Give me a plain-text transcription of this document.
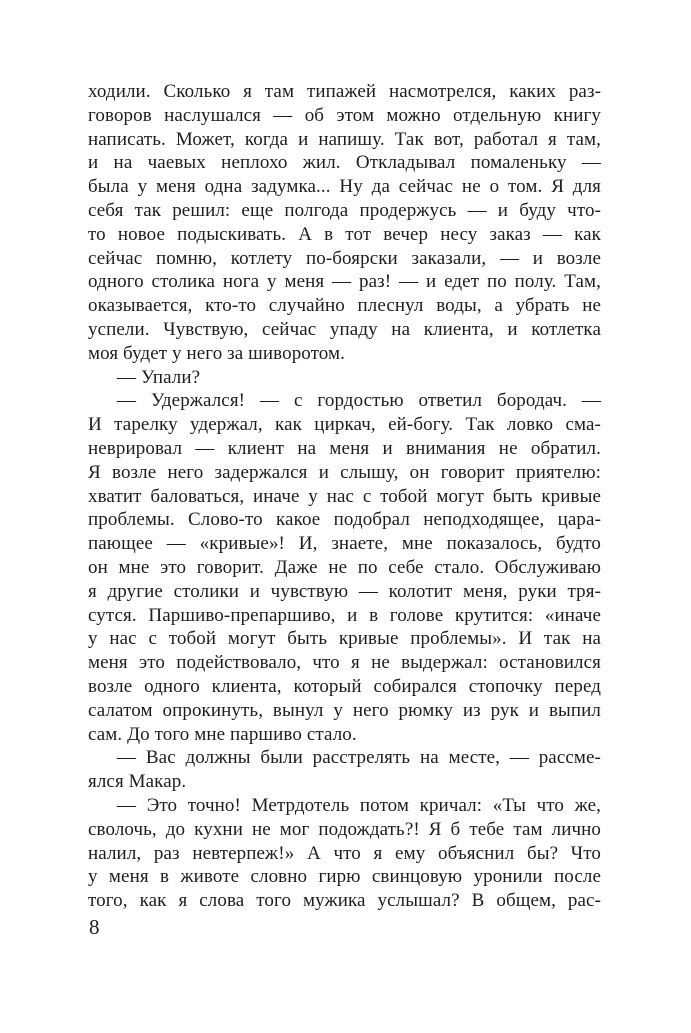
ходили. Сколько я там типажей насмотрелся, каких раз-
говоров наслушался — об этом можно отдельную книгу
написать. Может, когда и напишу. Так вот, работал я там,
и на чаевых неплохо жил. Откладывал помаленьку —
была у меня одна задумка... Ну да сейчас не о том. Я для
себя так решил: еще полгода продержусь — и буду что-
то новое подыскивать. А в тот вечер несу заказ — как
сейчас помню, котлету по-боярски заказали, — и возле
одного столика нога у меня — раз! — и едет по полу. Там,
оказывается, кто-то случайно плеснул воды, а убрать не
успели. Чувствую, сейчас упаду на клиента, и котлетка
моя будет у него за шиворотом.
— Упали?
— Удержался! — с гордостью ответил бородач. —
И тарелку удержал, как циркач, ей-богу. Так ловко сма-
неврировал — клиент на меня и внимания не обратил.
Я возле него задержался и слышу, он говорит приятелю:
хватит баловаться, иначе у нас с тобой могут быть кривые
проблемы. Слово-то какое подобрал неподходящее, цара-
пающее — «кривые»! И, знаете, мне показалось, будто
он мне это говорит. Даже не по себе стало. Обслуживаю
я другие столики и чувствую — колотит меня, руки тря-
сутся. Паршиво-препаршиво, и в голове крутится: «иначе
у нас с тобой могут быть кривые проблемы». И так на
меня это подействовало, что я не выдержал: остановился
возле одного клиента, который собирался стопочку перед
салатом опрокинуть, вынул у него рюмку из рук и выпил
сам. До того мне паршиво стало.
— Вас должны были расстрелять на месте, — рассме-
ялся Макар.
— Это точно! Метрдотель потом кричал: «Ты что же,
сволочь, до кухни не мог подождать?! Я б тебе там лично
налил, раз невтерпеж!» А что я ему объяснил бы? Что
у меня в животе словно гирю свинцовую уронили после
того, как я слова того мужика услышал? В общем, рас-
8
